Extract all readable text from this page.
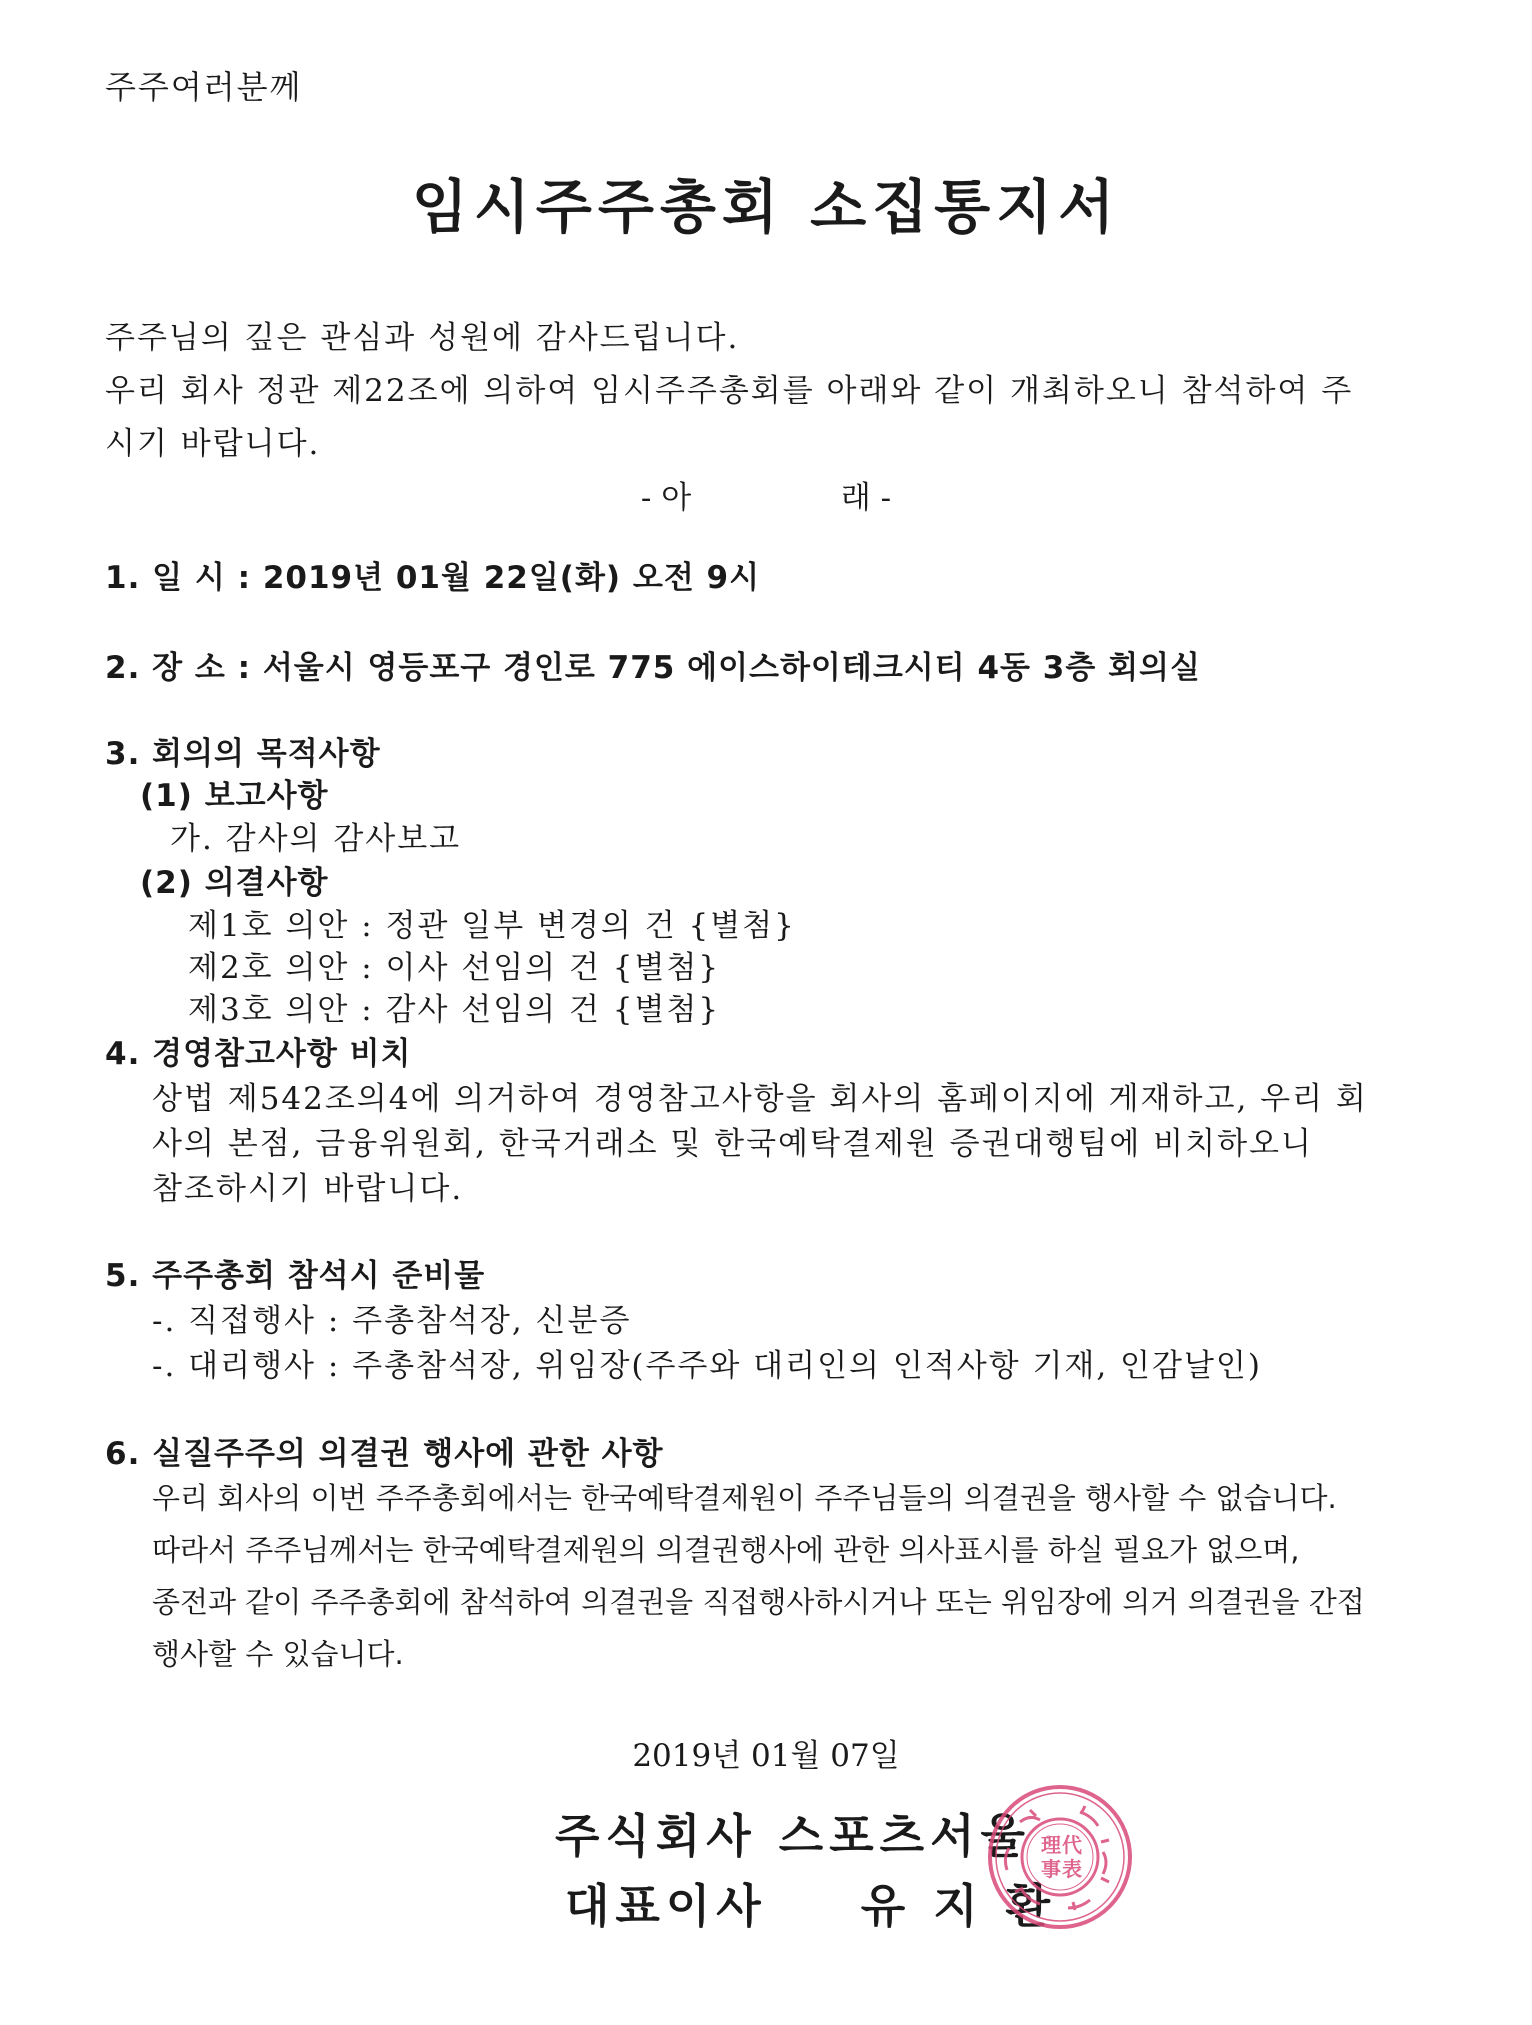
주주여러분께
임시주주총회 소집통지서
주주님의 깊은 관심과 성원에 감사드립니다.
우리 회사 정관 제22조에 의하여 임시주주총회를 아래와 같이 개최하오니 참석하여 주
시기 바랍니다.
- 아	래 -
1. 일 시 : 2019년 01월 22일(화) 오전 9시
2. 장 소 : 서울시 영등포구 경인로 775 에이스하이테크시티 4동 3층 회의실
3. 회의의 목적사항
(1) 보고사항
가. 감사의 감사보고
(2) 의결사항
제1호 의안 : 정관 일부 변경의 건 {별첨}
제2호 의안 : 이사 선임의 건 {별첨}
제3호 의안 : 감사 선임의 건 {별첨}
4. 경영참고사항 비치
상법 제542조의4에 의거하여 경영참고사항을 회사의 홈페이지에 게재하고, 우리 회
사의 본점, 금융위원회, 한국거래소 및 한국예탁결제원 증권대행팀에 비치하오니
참조하시기 바랍니다.
5. 주주총회 참석시 준비물
-. 직접행사 : 주총참석장, 신분증
-. 대리행사 : 주총참석장, 위임장(주주와 대리인의 인적사항 기재, 인감날인)
6. 실질주주의 의결권 행사에 관한 사항
우리 회사의 이번 주주총회에서는 한국예탁결제원이 주주님들의 의결권을 행사할 수 없습니다.
따라서 주주님께서는 한국예탁결제원의 의결권행사에 관한 의사표시를 하실 필요가 없으며,
종전과 같이 주주총회에 참석하여 의결권을 직접행사하시거나 또는 위임장에 의거 의결권을 간접
행사할 수 있습니다.
2019년 01월 07일
주식회사 스포츠서울
대표이사 유 지 환
理 代
事 表
